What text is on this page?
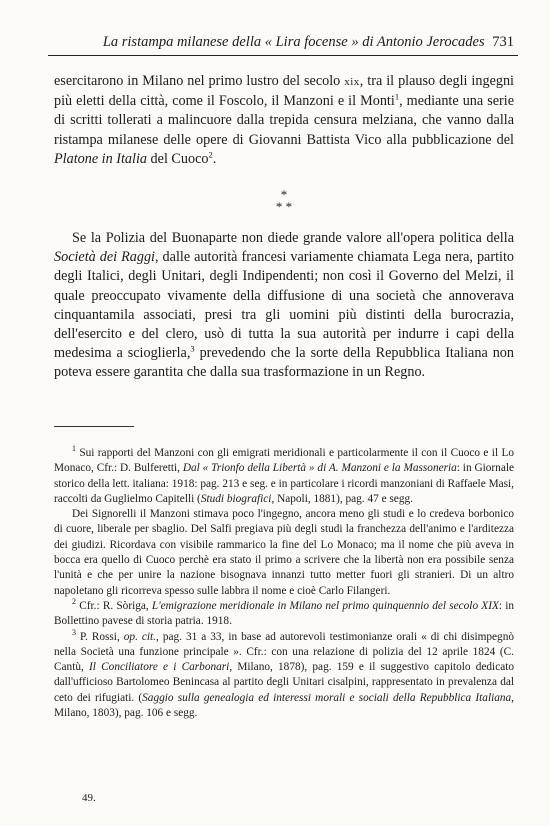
La ristampa milanese della « Lira focense » di Antonio Jerocades 731

esercitarono in Milano nel primo lustro del secolo xix, tra il plauso degli ingegni più eletti della città, come il Foscolo, il Manzoni e il Monti$^1$, mediante una serie di scritti tollerati a malincuore dalla trepida censura melziana, che vanno dalla ristampa milanese delle opere di Giovanni Battista Vico alla pubblicazione del Platone in Italia del Cuoco$^2$.

*
* *

Se la Polizia del Buonaparte non diede grande valore all'opera politica della Società dei Raggi, dalle autorità francesi variamente chiamata Lega nera, partito degli Italici, degli Unitari, degli Indipendenti; non così il Governo del Melzi, il quale preoccupato vivamente della diffusione di una società che annoverava cinquantamila associati, presi tra gli uomini più distinti della burocrazia, dell'esercito e del clero, usò di tutta la sua autorità per indurre i capi della medesima a scioglierla,$^3$ prevedendo che la sorte della Repubblica Italiana non poteva essere garantita che dalla sua trasformazione in un Regno.

$^1$ Sui rapporti del Manzoni con gli emigrati meridionali e particolarmente il con il Cuoco e il Lo Monaco, Cfr.: D. Bulferetti, Dal « Trionfo della Libertà » di A. Manzoni e la Massoneria: in Giornale storico della lett. italiana: 1918: pag. 213 e seg. e in particolare i ricordi manzoniani di Raffaele Masi, raccolti da Guglielmo Capitelli (Studi biografici, Napoli, 1881), pag. 47 e segg.

Dei Signorelli il Manzoni stimava poco l'ingegno, ancora meno gli studi e lo credeva borbonico di cuore, liberale per sbaglio. Del Salfi pregiava più degli studi la franchezza dell'animo e l'arditezza dei giudizi. Ricordava con visibile rammarico la fine del Lo Monaco; ma il nome che più aveva in bocca era quello di Cuoco perchè era stato il primo a scrivere che la libertà non era possibile senza l'unità e che per unire la nazione bisognava innanzi tutto metter fuori gli stranieri. Di un altro napoletano gli ricorreva spesso sulle labbra il nome e cioè Carlo Filangeri.

$^2$ Cfr.: R. Sòriga, L'emigrazione meridionale in Milano nel primo quinquennio del secolo XIX: in Bollettino pavese di storia patria. 1918.

$^3$ P. Rossi, op. cit., pag. 31 a 33, in base ad autorevoli testimonianze orali « di chi disimpegnò nella Società una funzione principale ». Cfr.: con una relazione di polizia del 12 aprile 1824 (C. Cantù, Il Conciliatore e i Carbonari, Milano, 1878), pag. 159 e il suggestivo capitolo dedicato dall'ufficioso Bartolomeo Benincasa al partito degli Unitari cisalpini, rappresentato in prevalenza dal ceto dei rifugiati. (Saggio sulla genealogia ed interessi morali e sociali della Repubblica Italiana, Milano, 1803), pag. 106 e segg.

49.
